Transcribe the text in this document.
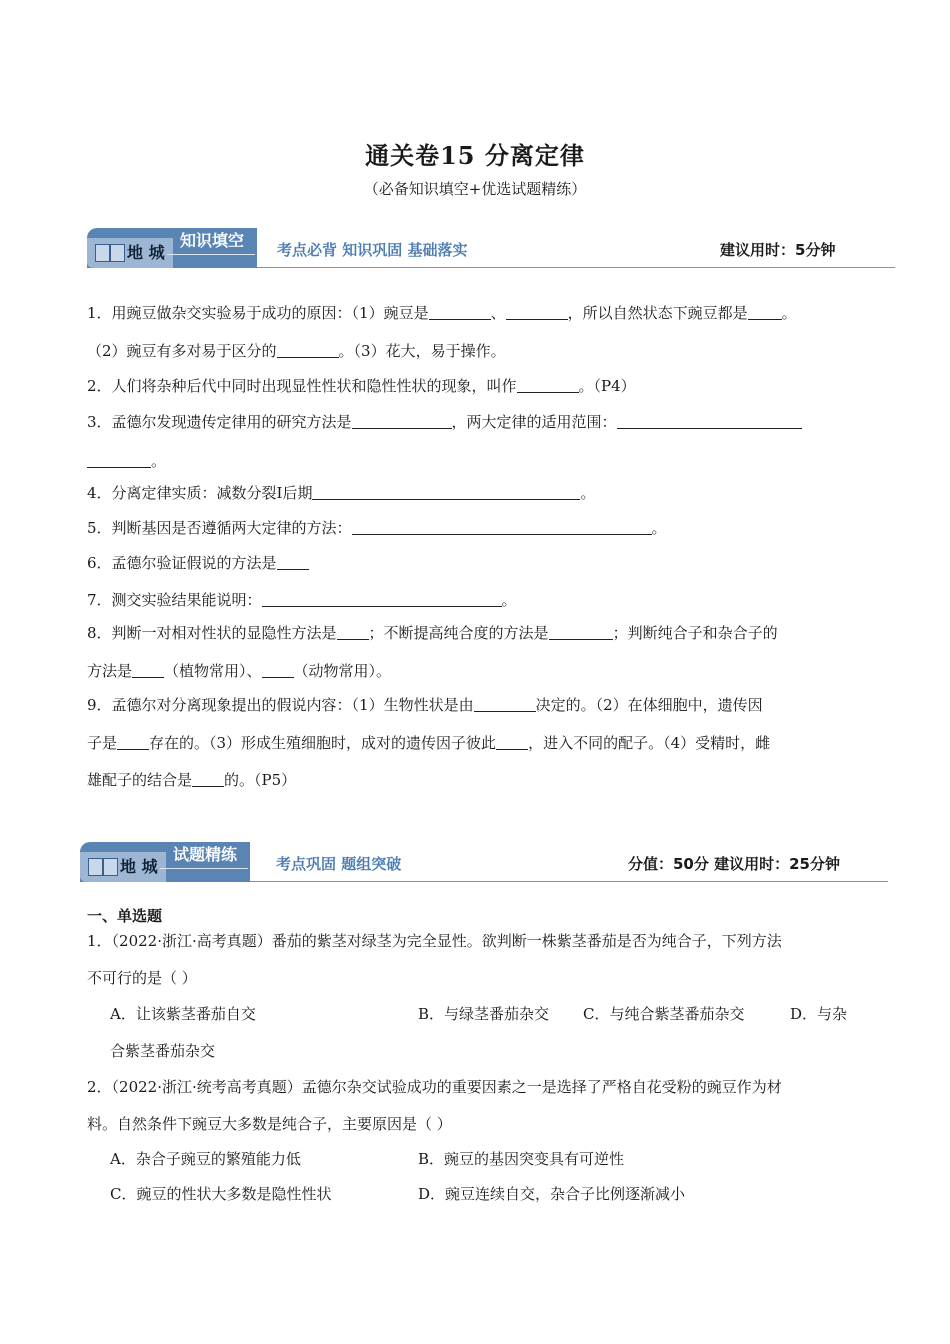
通关卷15 分离定律
（必备知识填空+优选试题精练）
地 城
知识填空	考点必背 知识巩固 基础落实	建议用时：5分钟
1．用豌豆做杂交实验易于成功的原因：（1）豌豆是	、	，所以自然状态下豌豆都是 。
（2）豌豆有多对易于区分的	。（3）花大，易于操作。
2．人们将杂种后代中同时出现显性性状和隐性性状的现象，叫作	。（P4）
3．孟德尔发现遗传定律用的研究方法是	，两大定律的适用范围：
。
4．分离定律实质：减数分裂Ⅰ后期	。
5．判断基因是否遵循两大定律的方法：	。
6．孟德尔验证假说的方法是
7．测交实验结果能说明：	。
8．判断一对相对性状的显隐性方法是 ；不断提高纯合度的方法是	；判断纯合子和杂合子的
方法是 （植物常用）、 （动物常用）。
9．孟德尔对分离现象提出的假说内容：（1）生物性状是由	决定的。（2）在体细胞中，遗传因
子是 存在的。（3）形成生殖细胞时，成对的遗传因子彼此 ，进入不同的配子。（4）受精时，雌
雄配子的结合是 的。（P5）
地 城
试题精练	考点巩固 题组突破	分值：50分 建议用时：25分钟
一、单选题
1．（2022·浙江·高考真题）番茄的紫茎对绿茎为完全显性。欲判断一株紫茎番茄是否为纯合子，下列方法
不可行的是（ ）
A．让该紫茎番茄自交	B．与绿茎番茄杂交 C．与纯合紫茎番茄杂交	D．与杂
合紫茎番茄杂交
2．（2022·浙江·统考高考真题）孟德尔杂交试验成功的重要因素之一是选择了严格自花受粉的豌豆作为材
料。自然条件下豌豆大多数是纯合子，主要原因是（ ）
A．杂合子豌豆的繁殖能力低	B．豌豆的基因突变具有可逆性
C．豌豆的性状大多数是隐性性状	D．豌豆连续自交，杂合子比例逐渐减小
